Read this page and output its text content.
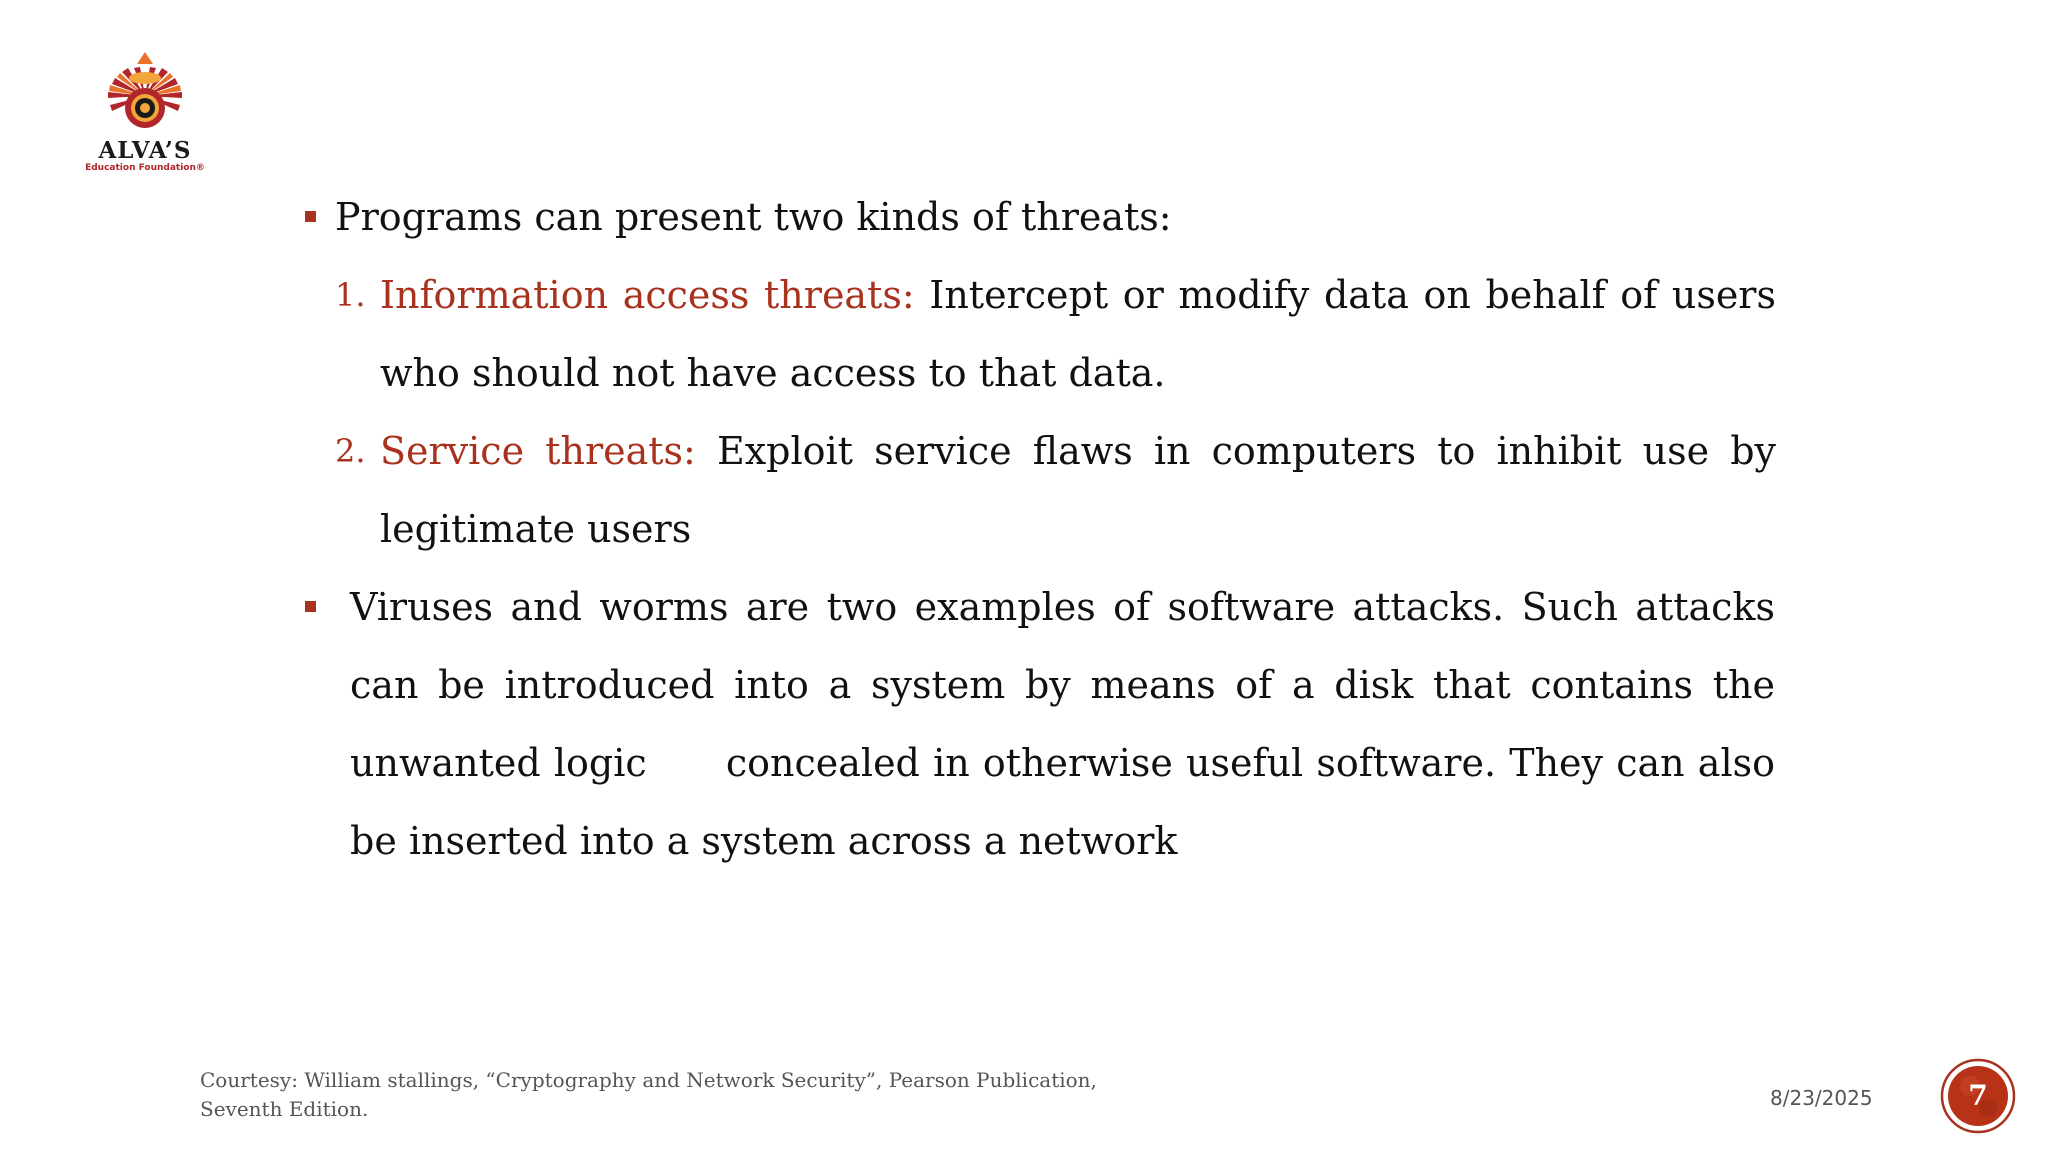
ALVA’S
Education Foundation®
Programs can present two kinds of threats:
1. Information access threats: Intercept or modify data on behalf of users who should not have access to that data.
2. Service threats: Exploit service flaws in computers to inhibit use by legitimate users
Viruses and worms are two examples of software attacks. Such attacks can be introduced into a system by means of a disk that contains the unwanted logic      concealed in otherwise useful software. They can also be inserted into a system across a network
Courtesy: William stallings, “Cryptography and Network Security”, Pearson Publication,
Seventh Edition.	8/23/2025	7
